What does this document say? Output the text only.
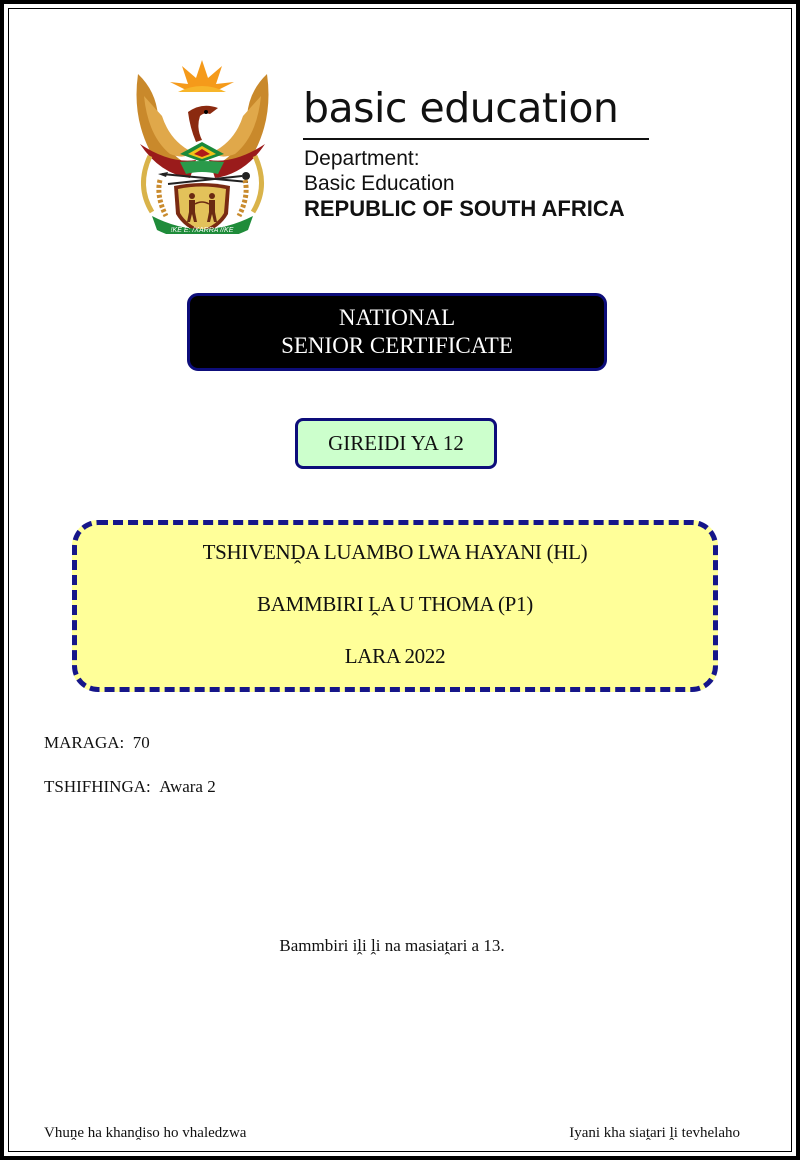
!KE E: /XARRA //KE
basic education
Department:
Basic Education
REPUBLIC OF SOUTH AFRICA
NATIONAL
SENIOR CERTIFICATE
GIREIDI YA 12
TSHIVENḒA LUAMBO LWA HAYANI (HL)
BAMMBIRI ḼA U THOMA (P1)
LARA 2022
MARAGA: 70
TSHIFHINGA: Awara 2
Bammbiri iḽi ḽi na masiaṱari a 13.
Vhuṋe ha khanḓiso ho vhaledzwa	Iyani kha siaṱari ḽi tevhelaho
